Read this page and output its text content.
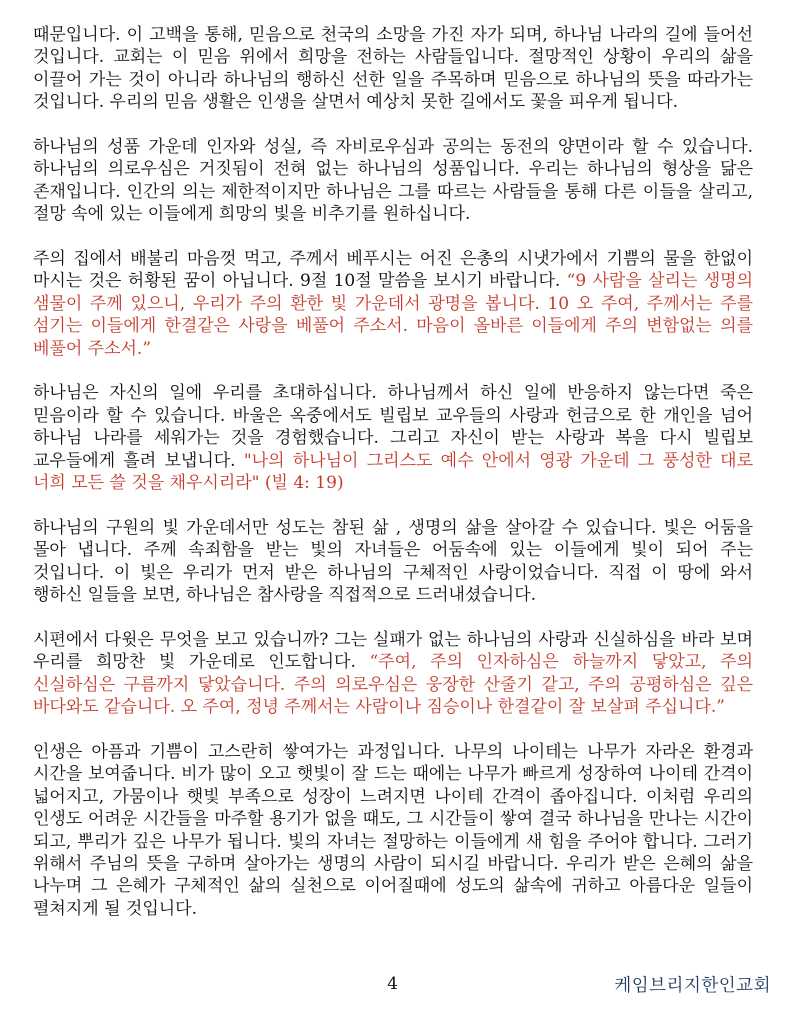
때문입니다. 이 고백을 통해, 믿음으로 천국의 소망을 가진 자가 되며, 하나님 나라의 길에 들어선 것입니다. 교회는 이 믿음 위에서 희망을 전하는 사람들입니다. 절망적인 상황이 우리의 삶을 이끌어 가는 것이 아니라 하나님의 행하신 선한 일을 주목하며 믿음으로 하나님의 뜻을 따라가는 것입니다. 우리의 믿음 생활은 인생을 살면서 예상치 못한 길에서도 꽃을 피우게 됩니다.

하나님의 성품 가운데 인자와 성실, 즉 자비로우심과 공의는 동전의 양면이라 할 수 있습니다. 하나님의 의로우심은 거짓됨이 전혀 없는 하나님의 성품입니다. 우리는 하나님의 형상을 닮은 존재입니다. 인간의 의는 제한적이지만 하나님은 그를 따르는 사람들을 통해 다른 이들을 살리고, 절망 속에 있는 이들에게 희망의 빛을 비추기를 원하십니다.

주의 집에서 배불리 마음껏 먹고, 주께서 베푸시는 어진 은총의 시냇가에서 기쁨의 물을 한없이 마시는 것은 허황된 꿈이 아닙니다. 9절 10절 말씀을 보시기 바랍니다. “9 사람을 살리는 생명의 샘물이 주께 있으니, 우리가 주의 환한 빛 가운데서 광명을 봅니다. 10 오 주여, 주께서는 주를 섬기는 이들에게 한결같은 사랑을 베풀어 주소서. 마음이 올바른 이들에게 주의 변함없는 의를 베풀어 주소서.”

하나님은 자신의 일에 우리를 초대하십니다. 하나님께서 하신 일에 반응하지 않는다면 죽은 믿음이라 할 수 있습니다. 바울은 옥중에서도 빌립보 교우들의 사랑과 헌금으로 한 개인을 넘어 하나님 나라를 세워가는 것을 경험했습니다. 그리고 자신이 받는 사랑과 복을 다시 빌립보 교우들에게 흘려 보냅니다. "나의 하나님이 그리스도 예수 안에서 영광 가운데 그 풍성한 대로 너희 모든 쓸 것을 채우시리라" (빌 4: 19)

하나님의 구원의 빛 가운데서만 성도는 참된 삶 , 생명의 삶을 살아갈 수 있습니다. 빛은 어둠을 몰아 냅니다. 주께 속죄함을 받는 빛의 자녀들은 어둠속에 있는 이들에게 빛이 되어 주는 것입니다. 이 빛은 우리가 먼저 받은 하나님의 구체적인 사랑이었습니다. 직접 이 땅에 와서 행하신 일들을 보면, 하나님은 참사랑을 직접적으로 드러내셨습니다.

시편에서 다윗은 무엇을 보고 있습니까? 그는 실패가 없는 하나님의 사랑과 신실하심을 바라 보며 우리를 희망찬 빛 가운데로 인도합니다. “주여, 주의 인자하심은 하늘까지 닿았고, 주의 신실하심은 구름까지 닿았습니다. 주의 의로우심은 웅장한 산줄기 같고, 주의 공평하심은 깊은 바다와도 같습니다. 오 주여, 정녕 주께서는 사람이나 짐승이나 한결같이 잘 보살펴 주십니다.”

인생은 아픔과 기쁨이 고스란히 쌓여가는 과정입니다. 나무의 나이테는 나무가 자라온 환경과 시간을 보여줍니다. 비가 많이 오고 햇빛이 잘 드는 때에는 나무가 빠르게 성장하여 나이테 간격이 넓어지고, 가뭄이나 햇빛 부족으로 성장이 느려지면 나이테 간격이 좁아집니다. 이처럼 우리의 인생도 어려운 시간들을 마주할 용기가 없을 때도, 그 시간들이 쌓여 결국 하나님을 만나는 시간이 되고, 뿌리가 깊은 나무가 됩니다. 빛의 자녀는 절망하는 이들에게 새 힘을 주어야 합니다. 그러기 위해서 주님의 뜻을 구하며 살아가는 생명의 사람이 되시길 바랍니다. 우리가 받은 은혜의 삶을 나누며 그 은혜가 구체적인 삶의 실천으로 이어질때에 성도의 삶속에 귀하고 아름다운 일들이 펼쳐지게 될 것입니다.

4	케임브리지한인교회
